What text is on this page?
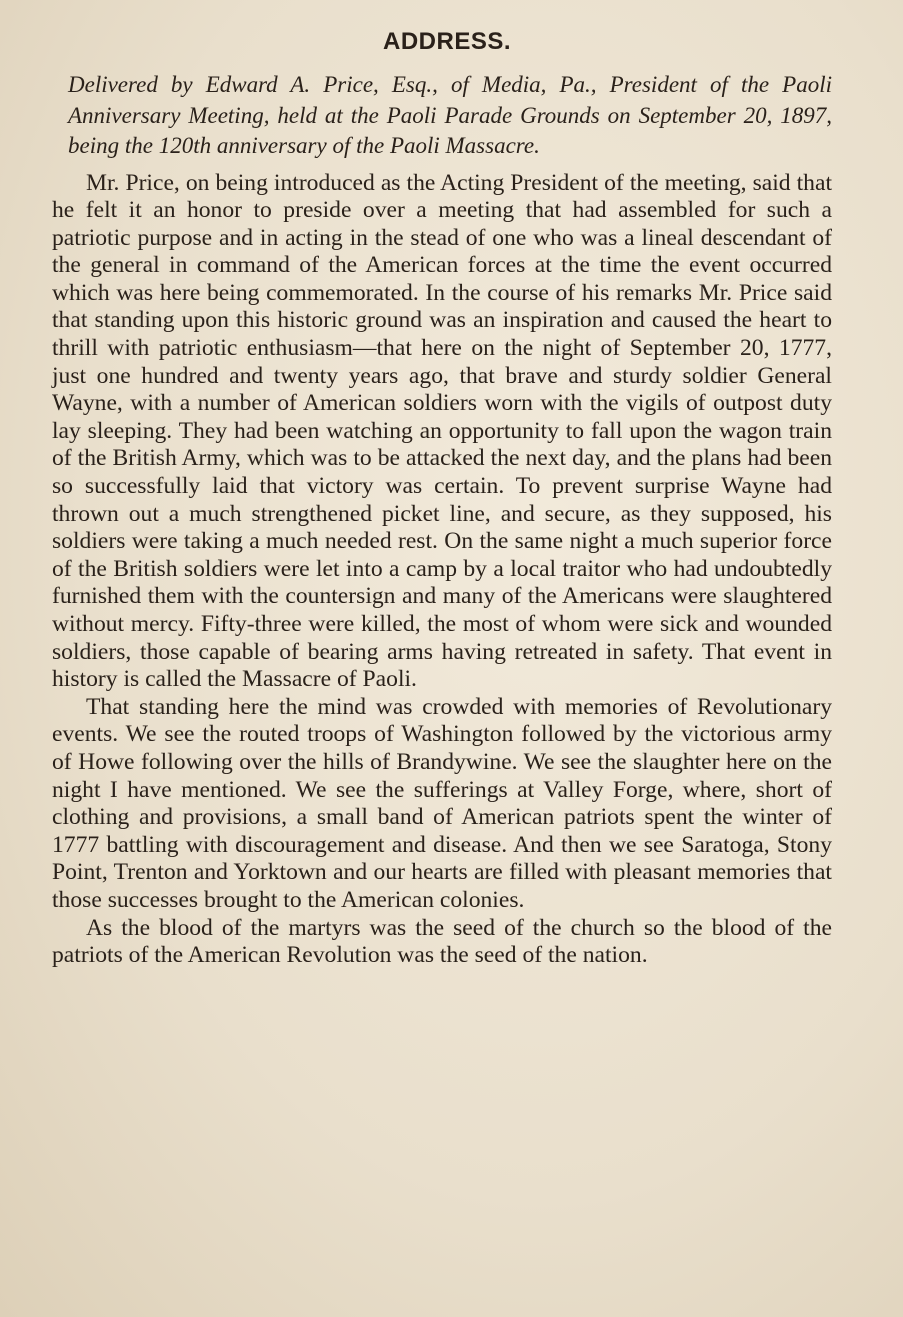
ADDRESS.

Delivered by Edward A. Price, Esq., of Media, Pa., President of the Paoli Anniversary Meeting, held at the Paoli Parade Grounds on September 20, 1897, being the 120th anniversary of the Paoli Massacre.

Mr. Price, on being introduced as the Acting President of the meeting, said that he felt it an honor to preside over a meeting that had assembled for such a patriotic purpose and in acting in the stead of one who was a lineal descendant of the general in command of the American forces at the time the event occurred which was here being commemorated. In the course of his remarks Mr. Price said that standing upon this historic ground was an inspiration and caused the heart to thrill with patriotic enthusiasm—that here on the night of September 20, 1777, just one hundred and twenty years ago, that brave and sturdy soldier General Wayne, with a number of American soldiers worn with the vigils of outpost duty lay sleeping. They had been watching an opportunity to fall upon the wagon train of the British Army, which was to be attacked the next day, and the plans had been so successfully laid that victory was certain. To prevent surprise Wayne had thrown out a much strengthened picket line, and secure, as they supposed, his soldiers were taking a much needed rest. On the same night a much superior force of the British soldiers were let into a camp by a local traitor who had undoubtedly furnished them with the countersign and many of the Americans were slaughtered without mercy. Fifty-three were killed, the most of whom were sick and wounded soldiers, those capable of bearing arms having retreated in safety. That event in history is called the Massacre of Paoli.

That standing here the mind was crowded with memories of Revolutionary events. We see the routed troops of Washington followed by the victorious army of Howe following over the hills of Brandywine. We see the slaughter here on the night I have mentioned. We see the sufferings at Valley Forge, where, short of clothing and provisions, a small band of American patriots spent the winter of 1777 battling with discouragement and disease. And then we see Saratoga, Stony Point, Trenton and Yorktown and our hearts are filled with pleasant memories that those successes brought to the American colonies.

As the blood of the martyrs was the seed of the church so the blood of the patriots of the American Revolution was the seed of the nation.
